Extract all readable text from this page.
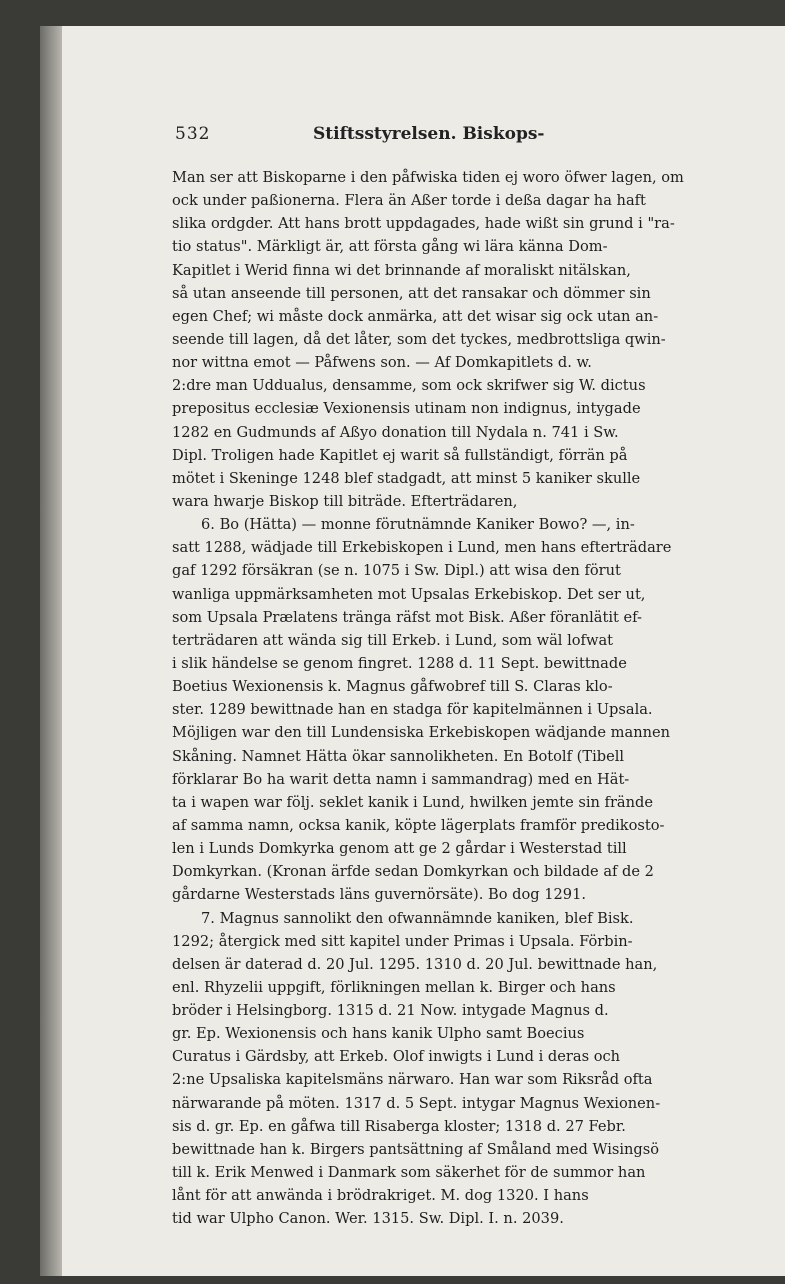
532	Stiftsstyrelsen. Biskops-
Man ser att Biskoparne i den påfwiska tiden ej woro öfwer lagen, om
ock under paßionerna. Flera än Aßer torde i deßa dagar ha haft
slika ordgder. Att hans brott uppdagades, hade wißt sin grund i "ra-
tio status". Märkligt är, att första gång wi lära känna Dom-
Kapitlet i Werid finna wi det brinnande af moraliskt nitälskan,
så utan anseende till personen, att det ransakar och dömmer sin
egen Chef; wi måste dock anmärka, att det wisar sig ock utan an-
seende till lagen, då det låter, som det tyckes, medbrottsliga qwin-
nor wittna emot — Påfwens son. — Af Domkapitlets d. w.
2:dre man Uddualus, densamme, som ock skrifwer sig W. dictus
prepositus ecclesiæ Vexionensis utinam non indignus, intygade
1282 en Gudmunds af Aßyo donation till Nydala n. 741 i Sw.
Dipl. Troligen hade Kapitlet ej warit så fullständigt, förrän på
mötet i Skeninge 1248 blef stadgadt, att minst 5 kaniker skulle
wara hwarje Biskop till biträde. Efterträdaren,
6. Bo (Hätta) — monne förutnämnde Kaniker Bowo? —, in-
satt 1288, wädjade till Erkebiskopen i Lund, men hans efterträdare
gaf 1292 försäkran (se n. 1075 i Sw. Dipl.) att wisa den förut
wanliga uppmärksamheten mot Upsalas Erkebiskop. Det ser ut,
som Upsala Prælatens tränga räfst mot Bisk. Aßer föranlätit ef-
terträdaren att wända sig till Erkeb. i Lund, som wäl lofwat
i slik händelse se genom fingret. 1288 d. 11 Sept. bewittnade
Boetius Wexionensis k. Magnus gåfwobref till S. Claras klo-
ster. 1289 bewittnade han en stadga för kapitelmännen i Upsala.
Möjligen war den till Lundensiska Erkebiskopen wädjande mannen
Skåning. Namnet Hätta ökar sannolikheten. En Botolf (Tibell
förklarar Bo ha warit detta namn i sammandrag) med en Hät-
ta i wapen war följ. seklet kanik i Lund, hwilken jemte sin frände
af samma namn, ocksa kanik, köpte lägerplats framför predikosto-
len i Lunds Domkyrka genom att ge 2 gårdar i Westerstad till
Domkyrkan. (Kronan ärfde sedan Domkyrkan och bildade af de 2
gårdarne Westerstads läns guvernörsäte). Bo dog 1291.
7. Magnus sannolikt den ofwannämnde kaniken, blef Bisk.
1292; återgick med sitt kapitel under Primas i Upsala. Förbin-
delsen är daterad d. 20 Jul. 1295. 1310 d. 20 Jul. bewittnade han,
enl. Rhyzelii uppgift, förlikningen mellan k. Birger och hans
bröder i Helsingborg. 1315 d. 21 Now. intygade Magnus d.
gr. Ep. Wexionensis och hans kanik Ulpho samt Boecius
Curatus i Gärdsby, att Erkeb. Olof inwigts i Lund i deras och
2:ne Upsaliska kapitelsmäns närwaro. Han war som Riksråd ofta
närwarande på möten. 1317 d. 5 Sept. intygar Magnus Wexionen-
sis d. gr. Ep. en gåfwa till Risaberga kloster; 1318 d. 27 Febr.
bewittnade han k. Birgers pantsättning af Småland med Wisingsö
till k. Erik Menwed i Danmark som säkerhet för de summor han
lånt för att anwända i brödrakriget. M. dog 1320. I hans
tid war Ulpho Canon. Wer. 1315. Sw. Dipl. I. n. 2039.
